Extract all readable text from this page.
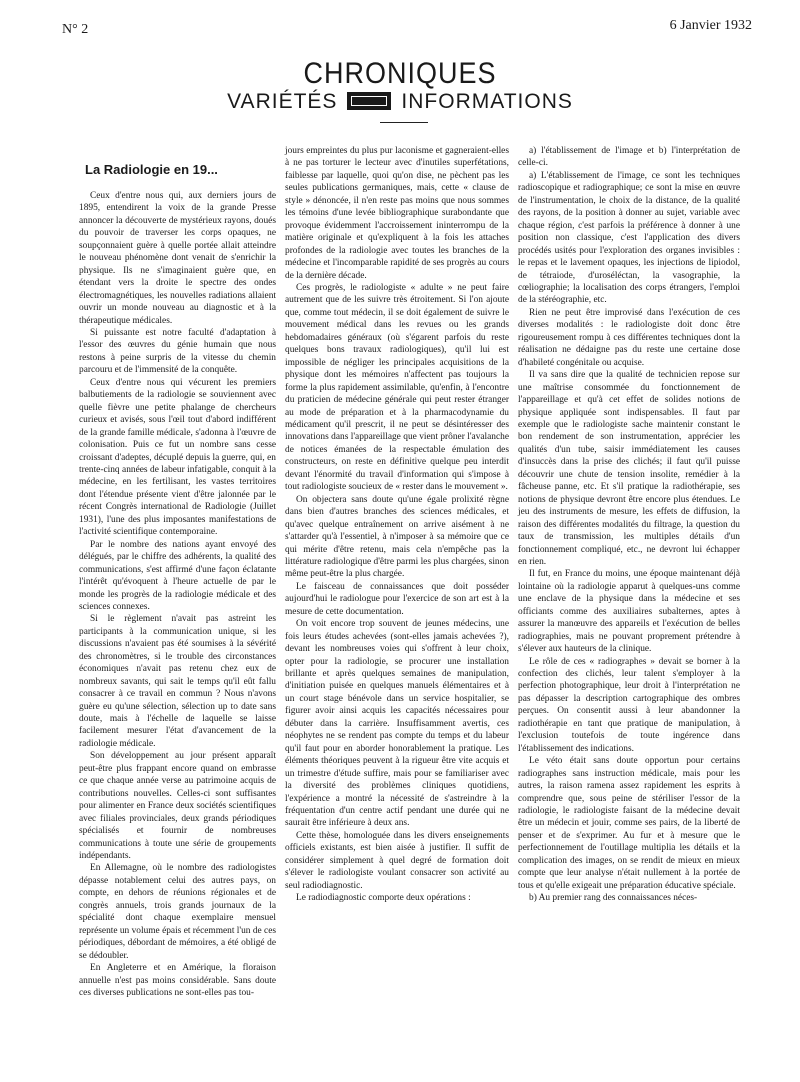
N° 2	6 Janvier 1932
CHRONIQUES
VARIÉTÉS	INFORMATIONS
La Radiologie en 19...

Ceux d'entre nous qui, aux derniers jours de 1895, entendirent la voix de la grande Presse annoncer la découverte de mystérieux rayons, doués du pouvoir de traverser les corps opaques, ne soupçonnaient guère à quelle portée allait atteindre le nouveau phénomène dont venait de s'enrichir la physique. Ils ne s'imaginaient guère que, en étendant vers la droite le spectre des ondes électromagnétiques, les nouvelles radiations allaient ouvrir un monde nouveau au diagnostic et à la thérapeutique médicales.

Si puissante est notre faculté d'adaptation à l'essor des œuvres du génie humain que nous restons à peine surpris de la vitesse du chemin parcouru et de l'immensité de la conquête.

Ceux d'entre nous qui vécurent les premiers balbutiements de la radiologie se souviennent avec quelle fièvre une petite phalange de chercheurs curieux et avisés, sous l'œil tout d'abord indifférent de la grande famille médicale, s'adonna à l'œuvre de colonisation. Puis ce fut un nombre sans cesse croissant d'adeptes, décuplé depuis la guerre, qui, en trente-cinq années de labeur infatigable, conquit à la médecine, en les fertilisant, les vastes territoires dont l'étendue présente vient d'être jalonnée par le récent Congrès international de Radiologie (Juillet 1931), l'une des plus imposantes manifestations de l'activité scientifique contemporaine.

Par le nombre des nations ayant envoyé des délégués, par le chiffre des adhérents, la qualité des communications, s'est affirmé d'une façon éclatante l'intérêt qu'évoquent à l'heure actuelle de par le monde les progrès de la radiologie médicale et des sciences connexes.

Si le règlement n'avait pas astreint les participants à la communication unique, si les discussions n'avaient pas été soumises à la sévérité des chronomètres, si le trouble des circonstances économiques n'avait pas retenu chez eux de nombreux savants, qui sait le temps qu'il eût fallu consacrer à ce travail en commun ? Nous n'avons guère eu qu'une sélection, sélection up to date sans doute, mais à l'échelle de laquelle se laisse facilement mesurer l'état d'avancement de la radiologie médicale.

Son développement au jour présent apparaît peut-être plus frappant encore quand on embrasse ce que chaque année verse au patrimoine acquis de contributions nouvelles. Celles-ci sont suffisantes pour alimenter en France deux sociétés scientifiques avec filiales provinciales, deux grands périodiques spécialisés et fournir de nombreuses communications à toute une série de groupements indépendants.

En Allemagne, où le nombre des radiologistes dépasse notablement celui des autres pays, on compte, en dehors de réunions régionales et de congrès annuels, trois grands journaux de la spécialité dont chaque exemplaire mensuel représente un volume épais et récemment l'un de ces périodiques, débordant de mémoires, a été obligé de se dédoubler.

En Angleterre et en Amérique, la floraison annuelle n'est pas moins considérable. Sans doute ces diverses publications ne sont-elles pas tou-

jours empreintes du plus pur laconisme et gagneraient-elles à ne pas torturer le lecteur avec d'inutiles superfétations, faiblesse par laquelle, quoi qu'on dise, ne pèchent pas les seules publications germaniques, mais, cette « clause de style » dénoncée, il n'en reste pas moins que nous sommes les témoins d'une levée bibliographique surabondante que provoque évidemment l'accroissement ininterrompu de la matière originale et qu'expliquent à la fois les attaches profondes de la radiologie avec toutes les branches de la médecine et l'incomparable rapidité de ses progrès au cours de la dernière décade.

Ces progrès, le radiologiste « adulte » ne peut faire autrement que de les suivre très étroitement. Si l'on ajoute que, comme tout médecin, il se doit également de suivre le mouvement médical dans les revues ou les grands hebdomadaires généraux (où s'égarent parfois du reste quelques bons travaux radiologiques), qu'il lui est impossible de négliger les principales acquisitions de la physique dont les mémoires n'affectent pas toujours la forme la plus rapidement assimilable, qu'enfin, à l'encontre du praticien de médecine générale qui peut rester étranger au mode de préparation et à la pharmacodynamie du médicament qu'il prescrit, il ne peut se désintéresser des innovations dans l'appareillage que vient prôner l'avalanche de notices émanées de la respectable émulation des constructeurs, on reste en définitive quelque peu interdit devant l'énormité du travail d'information qui s'impose à tout radiologiste soucieux de « rester dans le mouvement ».

On objectera sans doute qu'une égale prolixité règne dans bien d'autres branches des sciences médicales, et qu'avec quelque entraînement on arrive aisément à ne s'attarder qu'à l'essentiel, à n'imposer à sa mémoire que ce qui mérite d'être retenu, mais cela n'empêche pas la littérature radiologique d'être parmi les plus chargées, sinon même peut-être la plus chargée.

Le faisceau de connaissances que doit posséder aujourd'hui le radiologue pour l'exercice de son art est à la mesure de cette documentation.

On voit encore trop souvent de jeunes médecins, une fois leurs études achevées (sont-elles jamais achevées ?), devant les nombreuses voies qui s'offrent à leur choix, opter pour la radiologie, se procurer une installation brillante et après quelques semaines de manipulation, d'initiation puisée en quelques manuels élémentaires et à un court stage bénévole dans un service hospitalier, se figurer avoir ainsi acquis les capacités nécessaires pour débuter dans la carrière. Insuffisamment avertis, ces néophytes ne se rendent pas compte du temps et du labeur qu'il faut pour en aborder honorablement la pratique. Les éléments théoriques peuvent à la rigueur être vite acquis et un trimestre d'étude suffire, mais pour se familiariser avec la diversité des problèmes cliniques quotidiens, l'expérience a montré la nécessité de s'astreindre à la fréquentation d'un centre actif pendant une durée qui ne saurait être inférieure à deux ans.

Cette thèse, homologuée dans les divers enseignements officiels existants, est bien aisée à justifier. Il suffit de considérer simplement à quel degré de formation doit s'élever le radiologiste voulant consacrer son activité au seul radiodiagnostic.

Le radiodiagnostic comporte deux opérations :

a) l'établissement de l'image et b) l'interprétation de celle-ci.

a) L'établissement de l'image, ce sont les techniques radioscopique et radiographique; ce sont la mise en œuvre de l'instrumentation, le choix de la distance, de la qualité des rayons, de la position à donner au sujet, variable avec chaque région, c'est parfois la préférence à donner à une position non classique, c'est l'application des divers procédés usités pour l'exploration des organes invisibles : le repas et le lavement opaques, les injections de lipiodol, de tétraiode, d'uroséléctan, la vasographie, la cœliographie; la localisation des corps étrangers, l'emploi de la stéréographie, etc.

Rien ne peut être improvisé dans l'exécution de ces diverses modalités : le radiologiste doit donc être rigoureusement rompu à ces différentes techniques dont la réalisation ne dédaigne pas du reste une certaine dose d'habileté congénitale ou acquise.

Il va sans dire que la qualité de technicien repose sur une maîtrise consommée du fonctionnement de l'appareillage et qu'à cet effet de solides notions de physique appliquée sont indispensables. Il faut par exemple que le radiologiste sache maintenir constant le bon rendement de son instrumentation, apprécier les qualités d'un tube, saisir immédiatement les causes d'insuccès dans la prise des clichés; il faut qu'il puisse découvrir une chute de tension insolite, remédier à la fâcheuse panne, etc. Et s'il pratique la radiothérapie, ses notions de physique devront être encore plus étendues. Le jeu des instruments de mesure, les effets de diffusion, la raison des différentes modalités du filtrage, la question du taux de transmission, les multiples détails d'un fonctionnement compliqué, etc., ne devront lui échapper en rien.

Il fut, en France du moins, une époque maintenant déjà lointaine où la radiologie apparut à quelques-uns comme une enclave de la physique dans la médecine et ses officiants comme des auxiliaires subalternes, aptes à assurer la manœuvre des appareils et l'exécution de belles radiographies, mais ne pouvant proprement prétendre à s'élever aux hauteurs de la clinique.

Le rôle de ces « radiographes » devait se borner à la confection des clichés, leur talent s'employer à la perfection photographique, leur droit à l'interprétation ne pas dépasser la description cartographique des ombres perçues. On consentit aussi à leur abandonner la radiothérapie en tant que pratique de manipulation, à l'exclusion toutefois de toute ingérence dans l'établissement des indications.

Le véto était sans doute opportun pour certains radiographes sans instruction médicale, mais pour les autres, la raison ramena assez rapidement les esprits à comprendre que, sous peine de stériliser l'essor de la radiologie, le radiologiste faisant de la médecine devait être un médecin et jouir, comme ses pairs, de la liberté de penser et de s'exprimer. Au fur et à mesure que le perfectionnement de l'outillage multiplia les détails et la complication des images, on se rendit de mieux en mieux compte que leur analyse n'était nullement à la portée de tous et qu'elle exigeait une préparation éducative spéciale.

b) Au premier rang des connaissances néces-
